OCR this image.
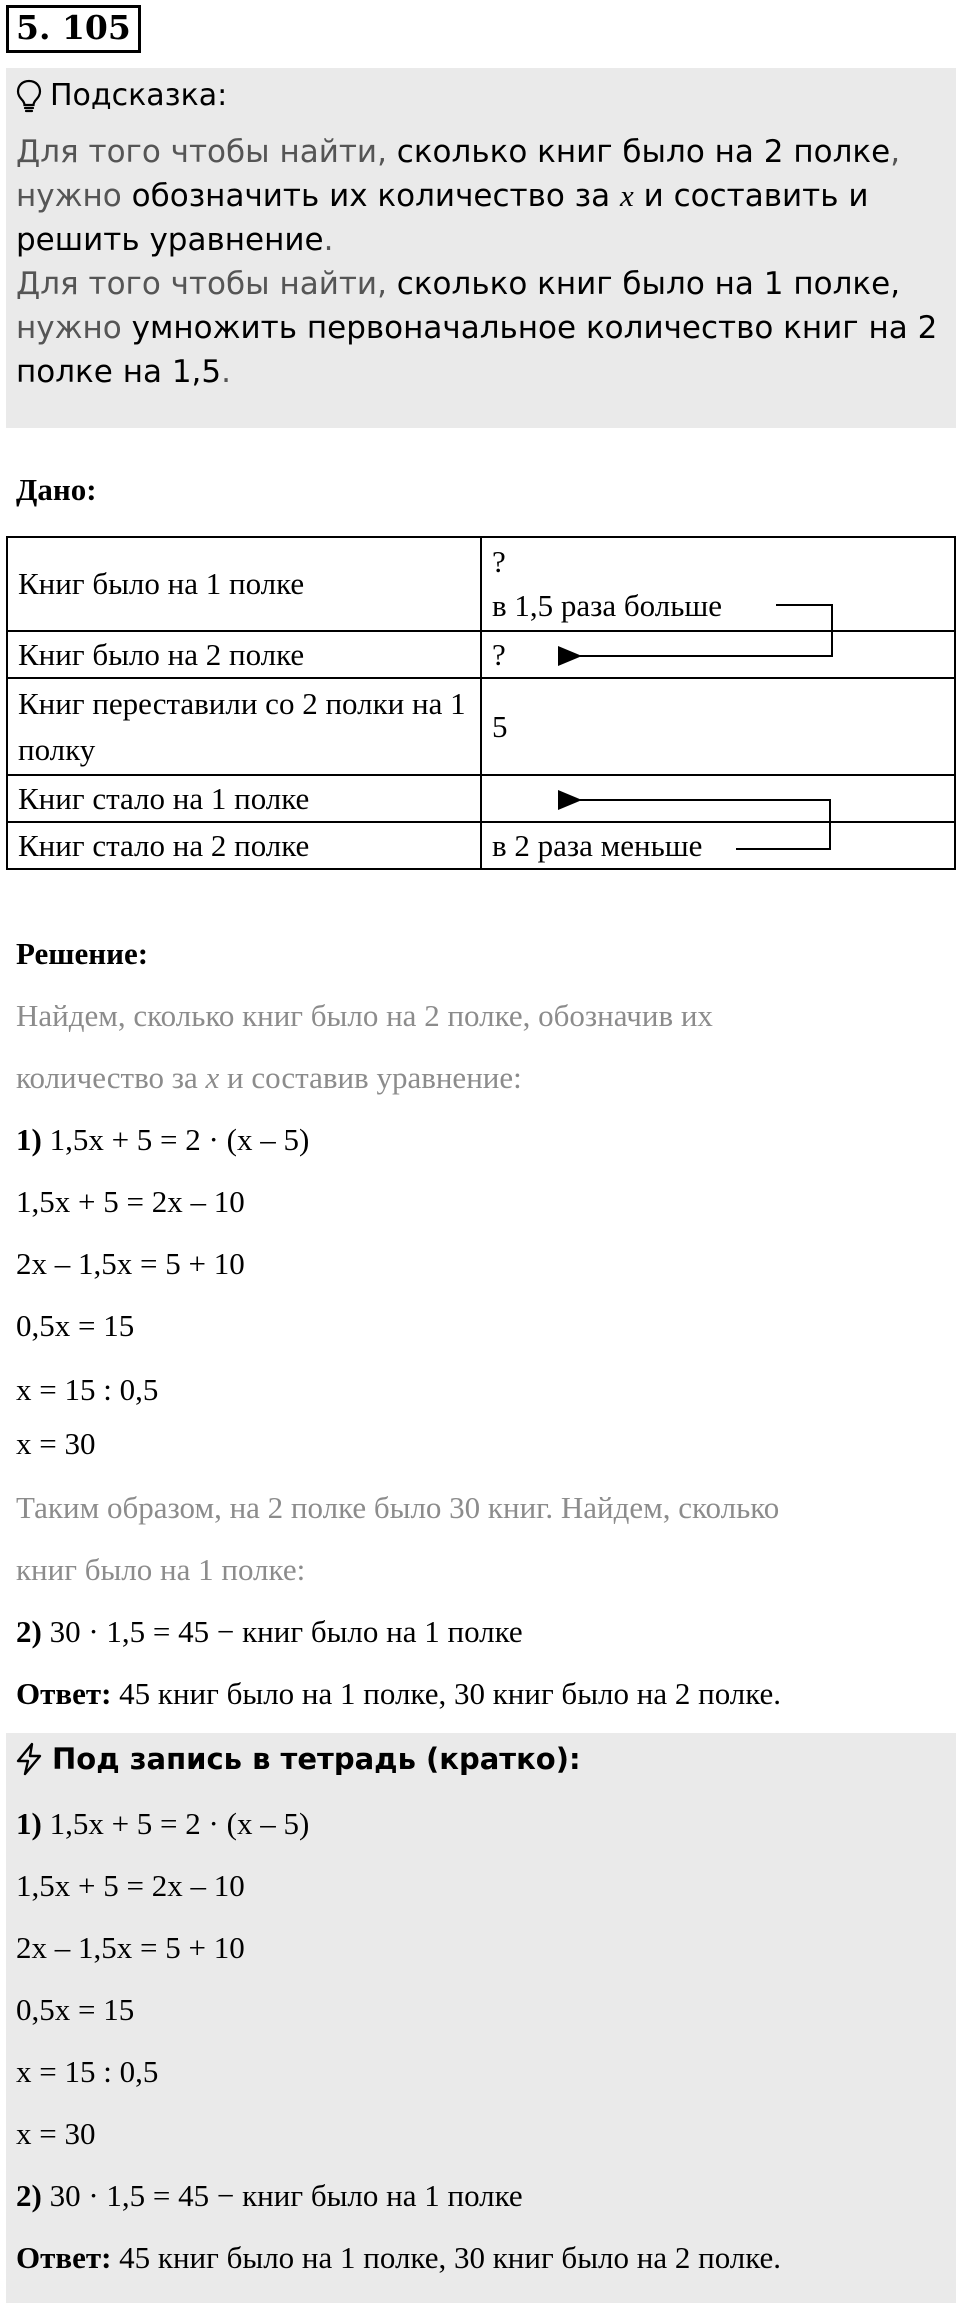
5. 105
Подсказка:
Для того чтобы найти, сколько книг было на 2 полке, нужно обозначить их количество за x и составить и решить уравнение.
Для того чтобы найти, сколько книг было на 1 полке, нужно умножить первоначальное количество книг на 2 полке на 1,5.
Дано:
Книг было на 1 полке	?
в 1,5 раза больше

Книг было на 2 полке	?
Книг переставили со 2 полки на 1 полку	5
Книг стало на 1 полке	
Книг стало на 2 полке	в 2 раза меньше
Решение:
Найдем, сколько книг было на 2 полке, обозначив их
количество за x и составив уравнение:
1) 1,5x + 5 = 2 · (x – 5)
1,5x + 5 = 2x – 10
2x – 1,5x = 5 + 10
0,5x = 15
x = 15 : 0,5
x = 30
Таким образом, на 2 полке было 30 книг. Найдем, сколько
книг было на 1 полке:
2) 30 · 1,5 = 45 − книг было на 1 полке
Ответ: 45 книг было на 1 полке, 30 книг было на 2 полке.
Под запись в тетрадь (кратко):
1) 1,5x + 5 = 2 · (x – 5)
1,5x + 5 = 2x – 10
2x – 1,5x = 5 + 10
0,5x = 15
x = 15 : 0,5
x = 30
2) 30 · 1,5 = 45 − книг было на 1 полке
Ответ: 45 книг было на 1 полке, 30 книг было на 2 полке.
